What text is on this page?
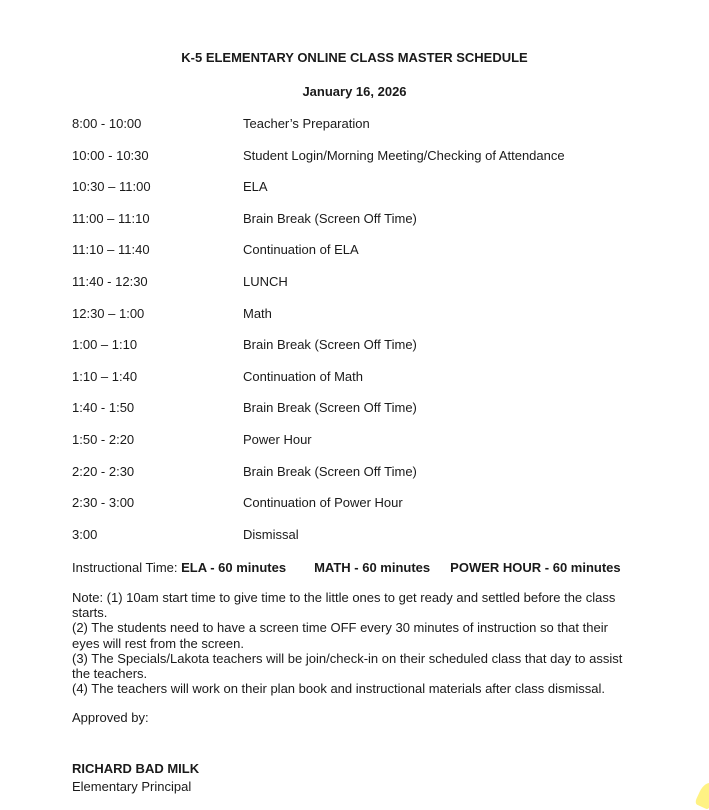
K-5 ELEMENTARY ONLINE CLASS MASTER SCHEDULE
January 16, 2026
8:00 - 10:00	Teacher’s Preparation
10:00 - 10:30	Student Login/Morning Meeting/Checking of Attendance
10:30 – 11:00	ELA
11:00 – 11:10	Brain Break (Screen Off Time)
11:10 – 11:40	Continuation of ELA
11:40 - 12:30	LUNCH
12:30 – 1:00	Math
1:00 – 1:10	Brain Break (Screen Off Time)
1:10 – 1:40	Continuation of Math
1:40 - 1:50	Brain Break (Screen Off Time)
1:50 - 2:20	Power Hour
2:20 - 2:30	Brain Break (Screen Off Time)
2:30 - 3:00	Continuation of Power Hour
3:00	Dismissal
Instructional Time: ELA - 60 minutes MATH - 60 minutes POWER HOUR - 60 minutes

Note: (1) 10am start time to give time to the little ones to get ready and settled before the class starts.

(2) The students need to have a screen time OFF every 30 minutes of instruction so that their eyes will rest from the screen.

(3) The Specials/Lakota teachers will be join/check-in on their scheduled class that day to assist the teachers.

(4) The teachers will work on their plan book and instructional materials after class dismissal.

Approved by:
RICHARD BAD MILK
Elementary Principal
